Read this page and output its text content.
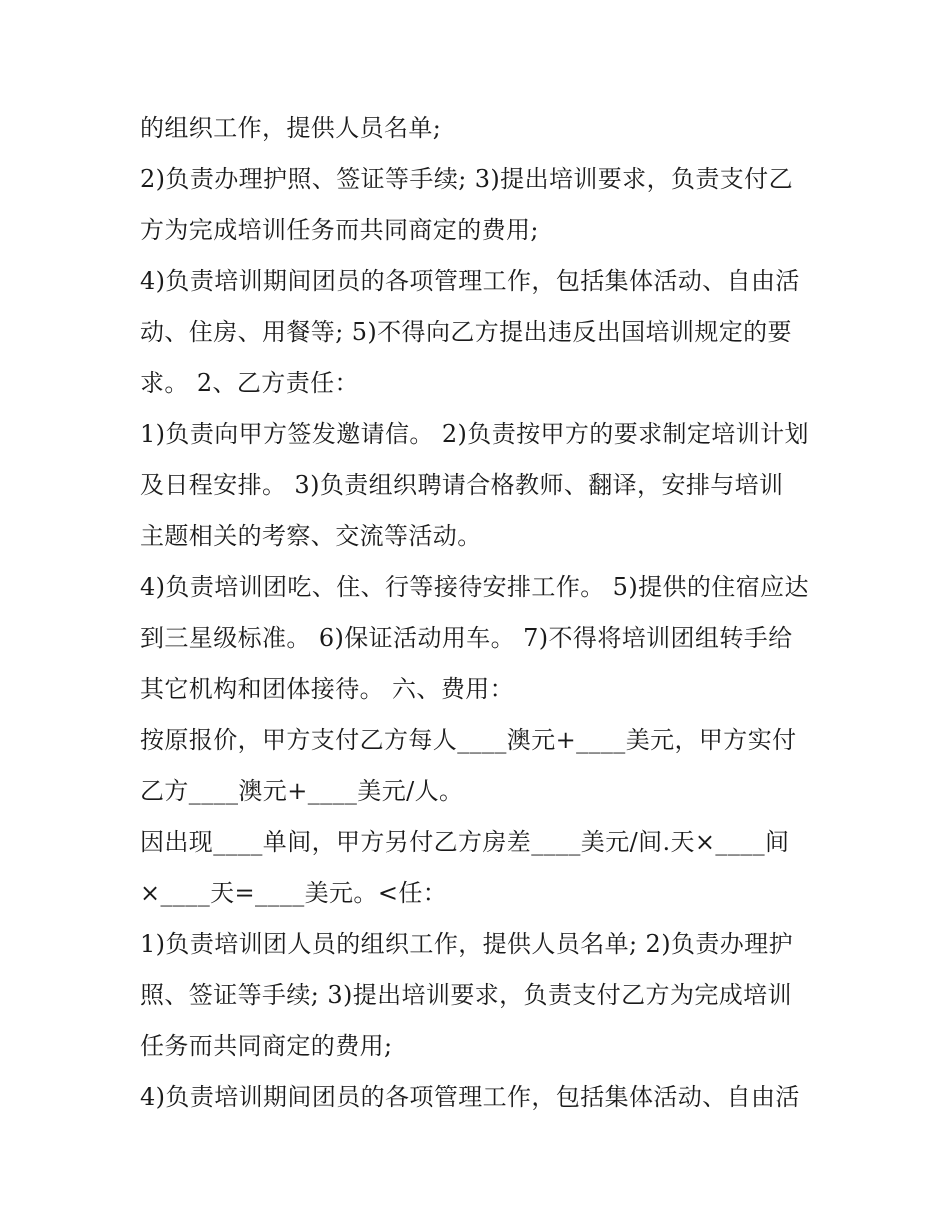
的组织工作，提供人员名单;
2)负责办理护照、签证等手续; 3)提出培训要求，负责支付乙
方为完成培训任务而共同商定的费用;
4)负责培训期间团员的各项管理工作，包括集体活动、自由活
动、住房、用餐等; 5)不得向乙方提出违反出国培训规定的要
求。 2、乙方责任：
1)负责向甲方签发邀请信。 2)负责按甲方的要求制定培训计划
及日程安排。 3)负责组织聘请合格教师、翻译，安排与培训
主题相关的考察、交流等活动。
4)负责培训团吃、住、行等接待安排工作。 5)提供的住宿应达
到三星级标准。 6)保证活动用车。 7)不得将培训团组转手给
其它机构和团体接待。 六、费用：
按原报价，甲方支付乙方每人____澳元+____美元，甲方实付
乙方____澳元+____美元/人。
因出现____单间，甲方另付乙方房差____美元/间.天×____间
×____天=____美元。<任：
1)负责培训团人员的组织工作，提供人员名单; 2)负责办理护
照、签证等手续; 3)提出培训要求，负责支付乙方为完成培训
任务而共同商定的费用;
4)负责培训期间团员的各项管理工作，包括集体活动、自由活
